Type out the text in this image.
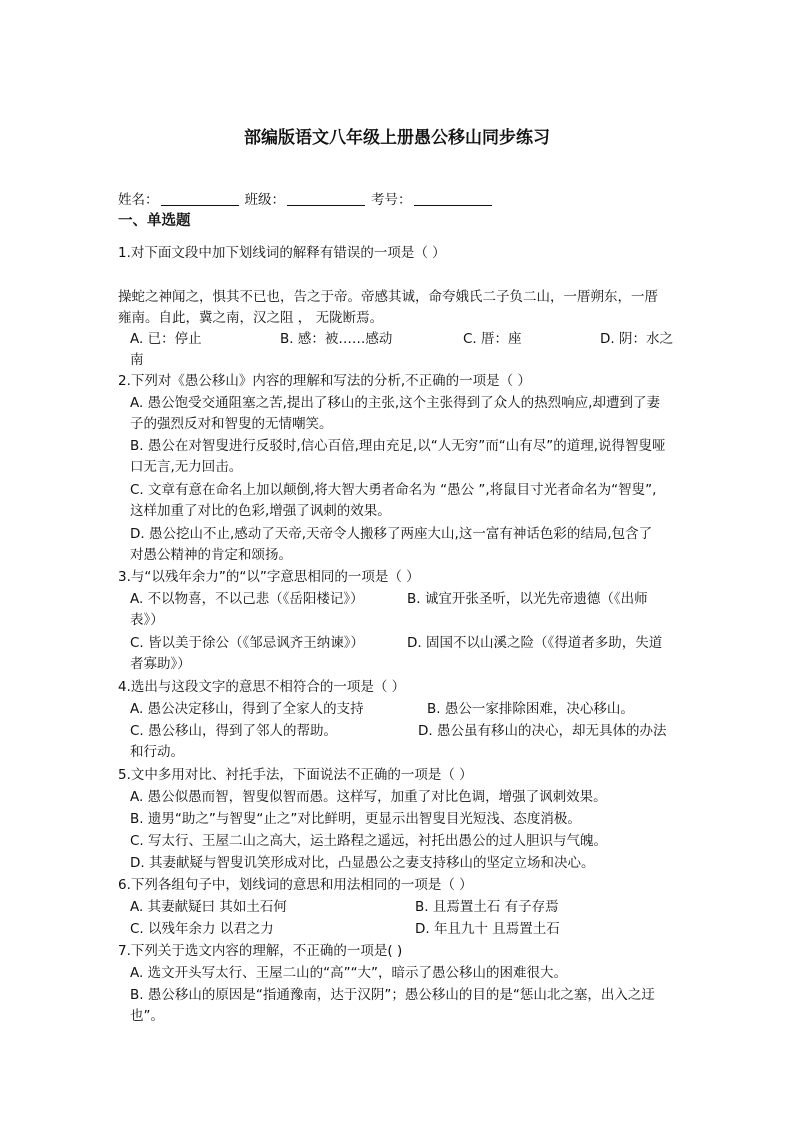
部编版语文八年级上册愚公移山同步练习
姓名：	班级：	考号：
一、单选题
1.对下面文段中加下划线词的解释有错误的一项是（ ）
操蛇之神闻之，惧其不已也，告之于帝。帝感其诚，命夸娥氏二子负二山，一厝朔东，一厝
雍南。自此，冀之南，汉之阻 ， 无陇断焉。
A. 已：停止	B. 感：被……感动	C. 厝：座	D. 阴：水之
南
2.下列对《愚公移山》内容的理解和写法的分析,不正确的一项是（ ）
A. 愚公饱受交通阻塞之苦,提出了移山的主张,这个主张得到了众人的热烈响应,却遭到了妻
子的强烈反对和智叟的无情嘲笑。
B. 愚公在对智叟进行反驳时,信心百倍,理由充足,以“人无穷”而“山有尽”的道理,说得智叟哑
口无言,无力回击。
C. 文章有意在命名上加以颠倒,将大智大勇者命名为 “愚公 ”,将鼠目寸光者命名为“智叟”,
这样加重了对比的色彩,增强了讽刺的效果。
D. 愚公挖山不止,感动了天帝,天帝令人搬移了两座大山,这一富有神话色彩的结局,包含了
对愚公精神的肯定和颂扬。
3.与“以残年余力”的“以”字意思相同的一项是（ ）
A. 不以物喜，不以己悲（《岳阳楼记》）	B. 诚宜开张圣听，以光先帝遗德（《出师
表》）
C. 皆以美于徐公（《邹忌讽齐王纳谏》）	D. 固国不以山溪之险（《得道者多助，失道
者寡助》）
4.选出与这段文字的意思不相符合的一项是（ ）
A. 愚公决定移山，得到了全家人的支持	B. 愚公一家排除困难，决心移山。
C. 愚公移山，得到了邻人的帮助。	D. 愚公虽有移山的决心，却无具体的办法
和行动。
5.文中多用对比、衬托手法，下面说法不正确的一项是（ ）
A. 愚公似愚而智，智叟似智而愚。这样写，加重了对比色调，增强了讽刺效果。
B. 遗男“助之”与智叟“止之”对比鲜明，更显示出智叟目光短浅、态度消极。
C. 写太行、王屋二山之高大，运土路程之遥远，衬托出愚公的过人胆识与气魄。
D. 其妻献疑与智叟讥笑形成对比，凸显愚公之妻支持移山的坚定立场和决心。
6.下列各组句子中，划线词的意思和用法相同的一项是（ ）
A. 其妻献疑曰 其如土石何	B. 且焉置土石 有子存焉
C. 以残年余力 以君之力	D. 年且九十 且焉置土石
7.下列关于选文内容的理解，不正确的一项是( )
A. 选文开头写太行、王屋二山的“高”“大”，暗示了愚公移山的困难很大。
B. 愚公移山的原因是“指通豫南，达于汉阴”；愚公移山的目的是“惩山北之塞，出入之迂
也”。
